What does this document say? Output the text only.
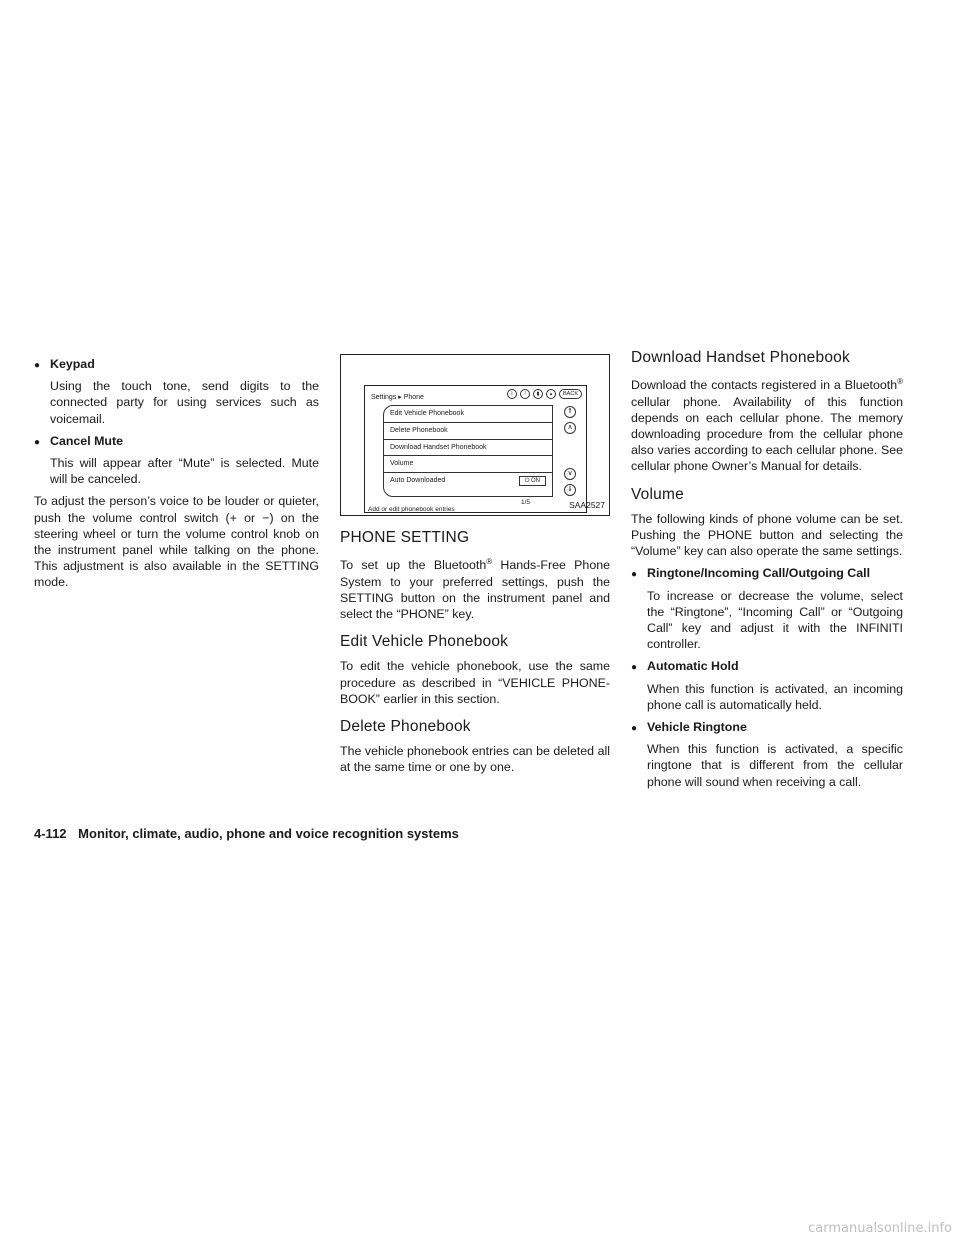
● Keypad

Using the touch tone, send digits to the connected party for using services such as voicemail.

● Cancel Mute

This will appear after “Mute” is selected. Mute will be canceled.

To adjust the person’s voice to be louder or quieter, push the volume control switch (+ or −) on the steering wheel or turn the volume control knob on the instrument panel while talking on the phone. This adjustment is also available in the SETTING mode.

Settings ▸ Phone	ᛒ	!	▮	▴	BACK
Edit Vehicle Phonebook
Delete Phonebook
Download Handset Phonebook
Volume
Auto Downloaded	⏻ ON
⇑
∧
∨
⇓
1/5
Add or edit phonebook entries	SAA2527
PHONE SETTING

To set up the Bluetooth® Hands-Free Phone System to your preferred settings, push the SETTING button on the instrument panel and select the “PHONE” key.

Edit Vehicle Phonebook

To edit the vehicle phonebook, use the same procedure as described in “VEHICLE PHONE-BOOK” earlier in this section.

Delete Phonebook

The vehicle phonebook entries can be deleted all at the same time or one by one.

Download Handset Phonebook

Download the contacts registered in a Bluetooth® cellular phone. Availability of this function depends on each cellular phone. The memory downloading procedure from the cellular phone also varies according to each cellular phone. See cellular phone Owner’s Manual for details.

Volume

The following kinds of phone volume can be set. Pushing the PHONE button and selecting the “Volume” key can also operate the same settings.

● Ringtone/Incoming Call/Outgoing Call

To increase or decrease the volume, select the “Ringtone”, “Incoming Call” or “Outgoing Call” key and adjust it with the INFINITI controller.

● Automatic Hold

When this function is activated, an incoming phone call is automatically held.

● Vehicle Ringtone

When this function is activated, a specific ringtone that is different from the cellular phone will sound when receiving a call.

4-112 Monitor, climate, audio, phone and voice recognition systems
carmanualsonline.info
